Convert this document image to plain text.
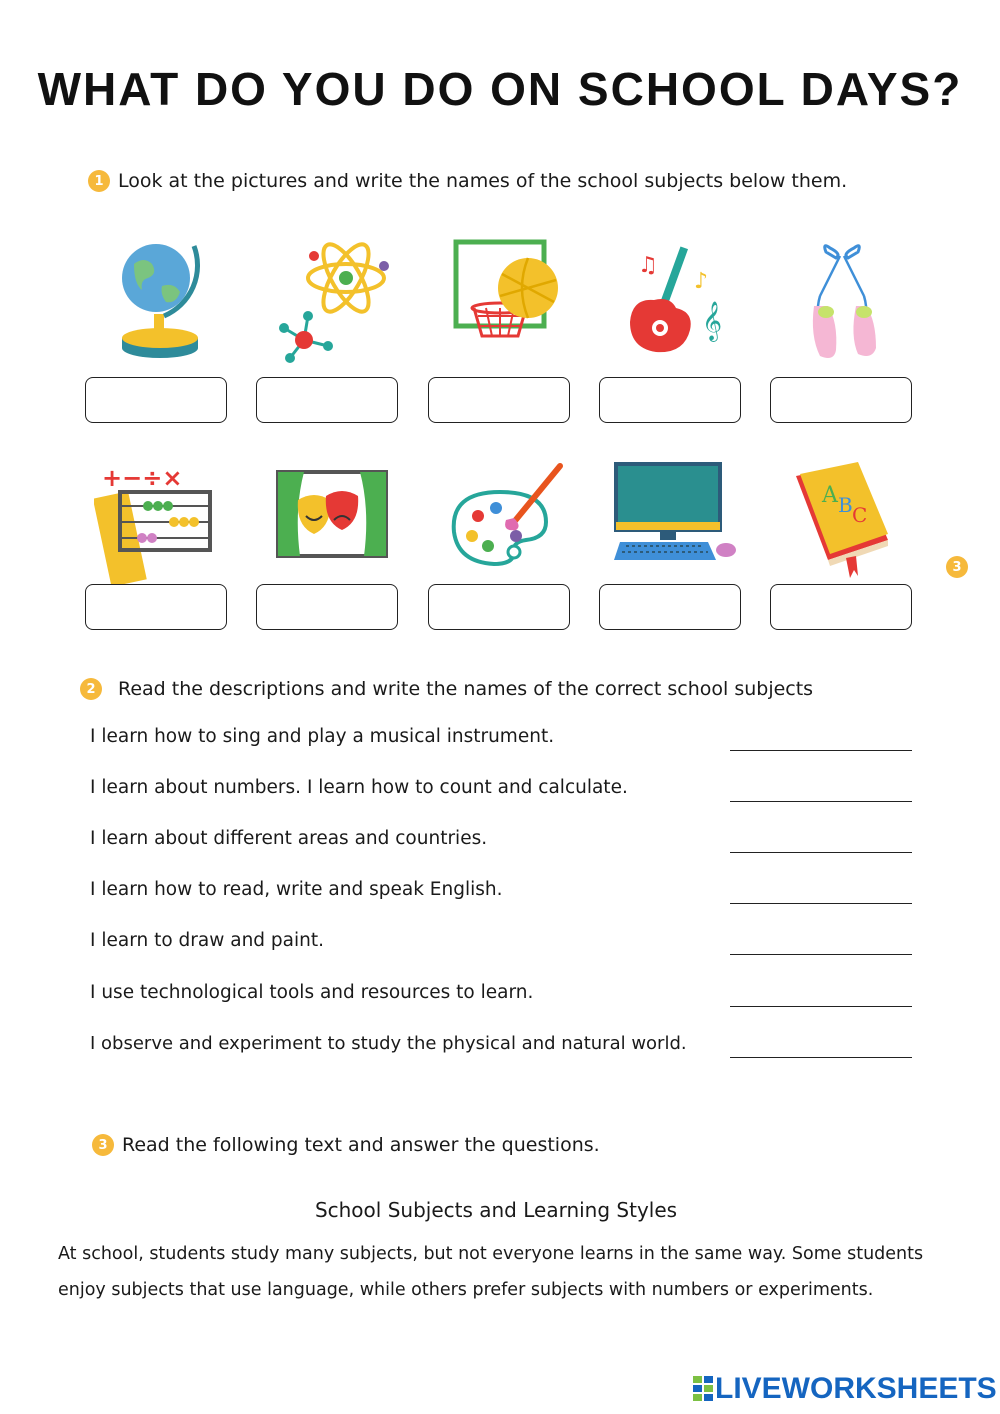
WHAT DO YOU DO ON SCHOOL DAYS?
1 Look at the pictures and write the names of the school subjects below them.
♫
♪
𝄞
+−÷×
A B C
3
2	Read the descriptions and write the names of the correct school subjects
I learn how to sing and play a musical instrument.
I learn about numbers. I learn how to count and calculate.
I learn about different areas and countries.
I learn how to read, write and speak English.
I learn to draw and paint.
I use technological tools and resources to learn.
I observe and experiment to study the physical and natural world.
3 Read the following text and answer the questions.
School Subjects and Learning Styles
At school, students study many subjects, but not everyone learns in the same way. Some students enjoy subjects that use language, while others prefer subjects with numbers or experiments.
LIVEWORKSHEETS
